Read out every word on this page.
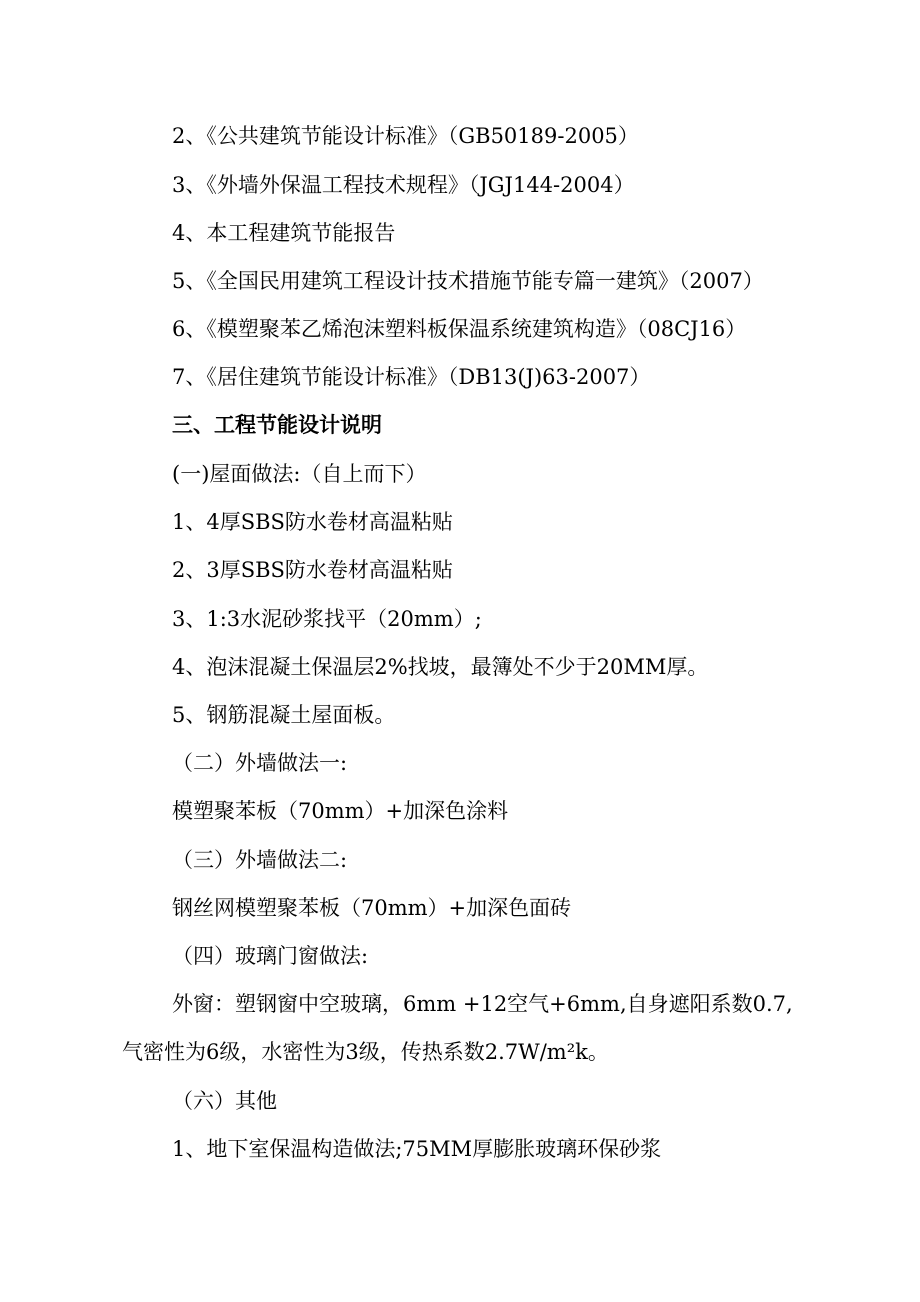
2、《公共建筑节能设计标准》（GB50189-2005）
3、《外墙外保温工程技术规程》（JGJ144-2004）
4、本工程建筑节能报告
5、《全国民用建筑工程设计技术措施节能专篇一建筑》（2007）
6、《模塑聚苯乙烯泡沫塑料板保温系统建筑构造》（08CJ16）
7、《居住建筑节能设计标准》（DB13(J)63-2007）
三、工程节能设计说明
(一)屋面做法:（自上而下）
1、4厚SBS防水卷材高温粘贴
2、3厚SBS防水卷材高温粘贴
3、1:3水泥砂浆找平（20mm）;
4、泡沫混凝土保温层2%找坡，最簿处不少于20MM厚。
5、钢筋混凝土屋面板。
（二）外墙做法一:
模塑聚苯板（70mm）+加深色涂料
（三）外墙做法二:
钢丝网模塑聚苯板（70mm）+加深色面砖
（四）玻璃门窗做法:
外窗：塑钢窗中空玻璃，6mm +12空气+6mm,自身遮阳系数0.7,
气密性为6级，水密性为3级，传热系数2.7W/m²k。
（六）其他
1、地下室保温构造做法;75MM厚膨胀玻璃环保砂浆
